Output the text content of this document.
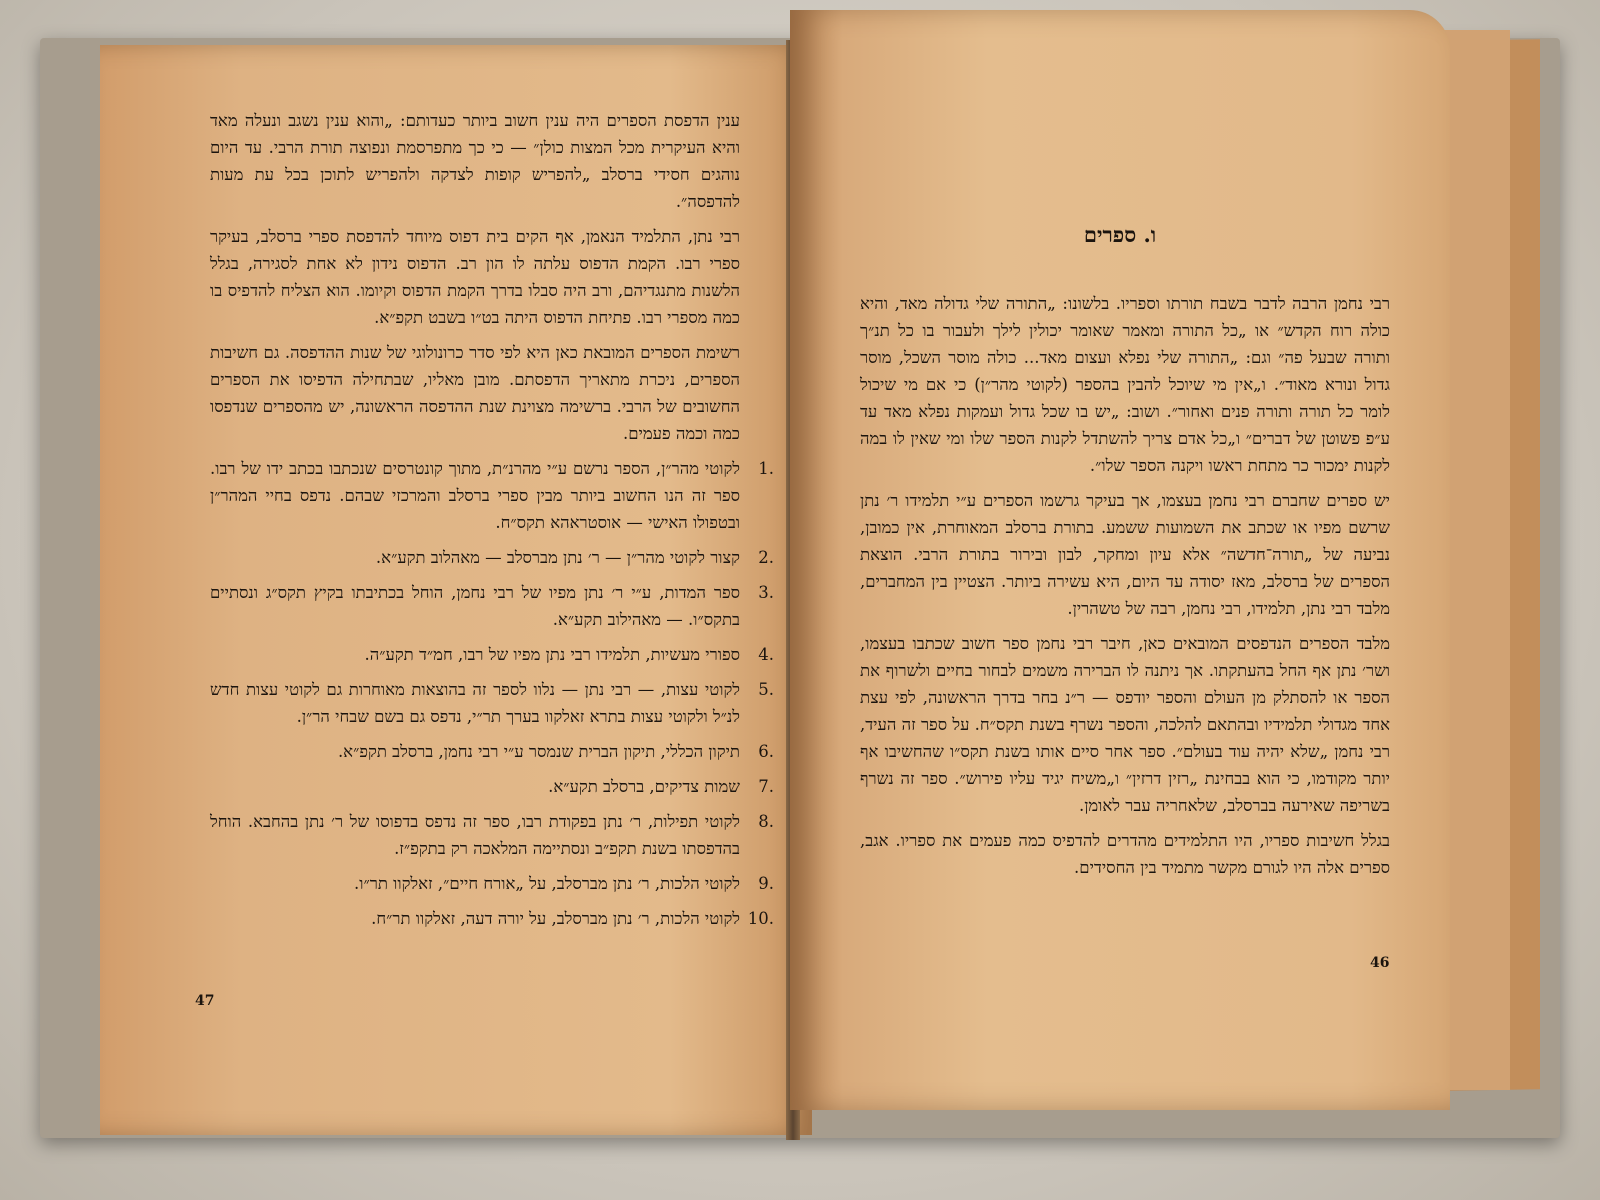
ענין הדפסת הספרים היה ענין חשוב ביותר כעדותם: „והוא ענין נשגב ונעלה מאד והיא העיקרית מכל המצות כולן״ — כי כך מתפרסמת ונפוצה תורת הרבי. עד היום נוהגים חסידי ברסלב „להפריש קופות לצדקה ולהפריש לתוכן בכל עת מעות להדפסה״.

רבי נתן, התלמיד הנאמן, אף הקים בית דפוס מיוחד להדפסת ספרי ברסלב, בעיקר ספרי רבו. הקמת הדפוס עלתה לו הון רב. הדפוס נידון לא אחת לסגירה, בגלל הלשנות מתנגדיהם, ורב היה סבלו בדרך הקמת הדפוס וקיומו. הוא הצליח להדפיס בו כמה מספרי רבו. פתיחת הדפוס היתה בט״ו בשבט תקפ״א.

רשימת הספרים המובאת כאן היא לפי סדר כרונולוגי של שנות ההדפסה. גם חשיבות הספרים, ניכרת מתאריך הדפסתם. מובן מאליו, שבתחילה הדפיסו את הספרים החשובים של הרבי. ברשימה מצוינת שנת ההדפסה הראשונה, יש מהספרים שנדפסו כמה וכמה פעמים.

1.
לקוטי מהר״ן, הספר נרשם ע״י מהרנ״ת, מתוך קונטרסים שנכתבו בכתב ידו של רבו. ספר זה הנו החשוב ביותר מבין ספרי ברסלב והמרכזי שבהם. נדפס בחיי המהר״ן ובטפולו האישי — אוסטראהא תקס״ח.
2.
קצור לקוטי מהר״ן — ר׳ נתן מברסלב — מאהלוב תקע״א.
3.
ספר המדות, ע״י ר׳ נתן מפיו של רבי נחמן, הוחל בכתיבתו בקיץ תקס״ג ונסתיים בתקס״ו. — מאהילוב תקע״א.
4.
ספורי מעשיות, תלמידו רבי נתן מפיו של רבו, חמ״ד תקע״ה.
5.
לקוטי עצות, — רבי נתן — נלוו לספר זה בהוצאות מאוחרות גם לקוטי עצות חדש לנ״ל ולקוטי עצות בתרא זאלקוו בערך תר״י, נדפס גם בשם שבחי הר״ן.
6.
תיקון הכללי, תיקון הברית שנמסר ע״י רבי נחמן, ברסלב תקפ״א.
7.
שמות צדיקים, ברסלב תקע״א.
8.
לקוטי תפילות, ר׳ נתן בפקודת רבו, ספר זה נדפס בדפוסו של ר׳ נתן בהחבא. הוחל בהדפסתו בשנת תקפ״ב ונסתיימה המלאכה רק בתקפ״ז.
9.
לקוטי הלכות, ר׳ נתן מברסלב, על „אורח חיים״, זאלקוו תר״ו.
10.
לקוטי הלכות, ר׳ נתן מברסלב, על יורה דעה, זאלקוו תר״ח.
47
ו. ספרים

רבי נחמן הרבה לדבר בשבח תורתו וספריו. בלשונו: „התורה שלי גדולה מאד, והיא כולה רוח הקדש״ או „כל התורה ומאמר שאומר יכולין לילך ולעבור בו כל תנ״ך ותורה שבעל פה״ וגם: „התורה שלי נפלא ועצום מאד... כולה מוסר השכל, מוסר גדול ונורא מאוד״. ו„אין מי שיוכל להבין בהספר (לקוטי מהר״ן) כי אם מי שיכול לומר כל תורה ותורה פנים ואחור״. ושוב: „יש בו שכל גדול ועמקות נפלא מאד עד ע״פ פשוטן של דברים״ ו„כל אדם צריך להשתדל לקנות הספר שלו ומי שאין לו במה לקנות ימכור כר מתחת ראשו ויקנה הספר שלו״.

יש ספרים שחברם רבי נחמן בעצמו, אך בעיקר גרשמו הספרים ע״י תלמידו ר׳ נתן שרשם מפיו או שכתב את השמועות ששמע. בתורת ברסלב המאוחרת, אין כמובן, נביעה של „תורה־חדשה״ אלא עיון ומחקר, לבון ובירור בתורת הרבי. הוצאת הספרים של ברסלב, מאז יסודה עד היום, היא עשירה ביותר. הצטיין בין המחברים, מלבד רבי נתן, תלמידו, רבי נחמן, רבה של טשהרין.

מלבד הספרים הנדפסים המובאים כאן, חיבר רבי נחמן ספר חשוב שכתבו בעצמו, ושר׳ נתן אף החל בהעתקתו. אך ניתנה לו הברירה משמים לבחור בחיים ולשרוף את הספר או להסתלק מן העולם והספר יודפס — ר״נ בחר בדרך הראשונה, לפי עצת אחד מגדולי תלמידיו ובהתאם להלכה, והספר נשרף בשנת תקס״ח. על ספר זה העיד, רבי נחמן „שלא יהיה עוד בעולם״. ספר אחר סיים אותו בשנת תקס״ו שהחשיבו אף יותר מקודמו, כי הוא בבחינת „רזין דרזין״ ו„משיח יגיד עליו פירוש״. ספר זה נשרף בשריפה שאירעה בברסלב, שלאחריה עבר לאומן.

בגלל חשיבות ספריו, היו התלמידים מהדרים להדפיס כמה פעמים את ספריו. אגב, ספרים אלה היו לגורם מקשר מתמיד בין החסידים.

46
